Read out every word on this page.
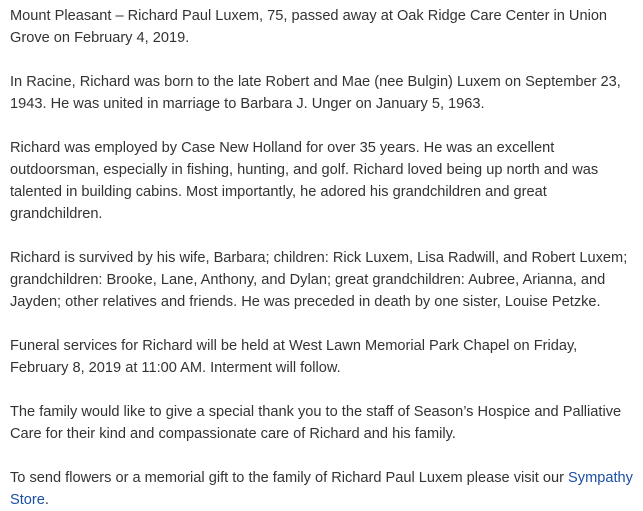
Mount Pleasant – Richard Paul Luxem, 75, passed away at Oak Ridge Care Center in Union Grove on February 4, 2019.

In Racine, Richard was born to the late Robert and Mae (nee Bulgin) Luxem on September 23, 1943. He was united in marriage to Barbara J. Unger on January 5, 1963.

Richard was employed by Case New Holland for over 35 years. He was an excellent outdoorsman, especially in fishing, hunting, and golf. Richard loved being up north and was talented in building cabins. Most importantly, he adored his grandchildren and great grandchildren.

Richard is survived by his wife, Barbara; children: Rick Luxem, Lisa Radwill, and Robert Luxem; grandchildren: Brooke, Lane, Anthony, and Dylan; great grandchildren: Aubree, Arianna, and Jayden; other relatives and friends. He was preceded in death by one sister, Louise Petzke.

Funeral services for Richard will be held at West Lawn Memorial Park Chapel on Friday, February 8, 2019 at 11:00 AM. Interment will follow.

The family would like to give a special thank you to the staff of Season’s Hospice and Palliative Care for their kind and compassionate care of Richard and his family.

To send flowers or a memorial gift to the family of Richard Paul Luxem please visit our Sympathy Store.
